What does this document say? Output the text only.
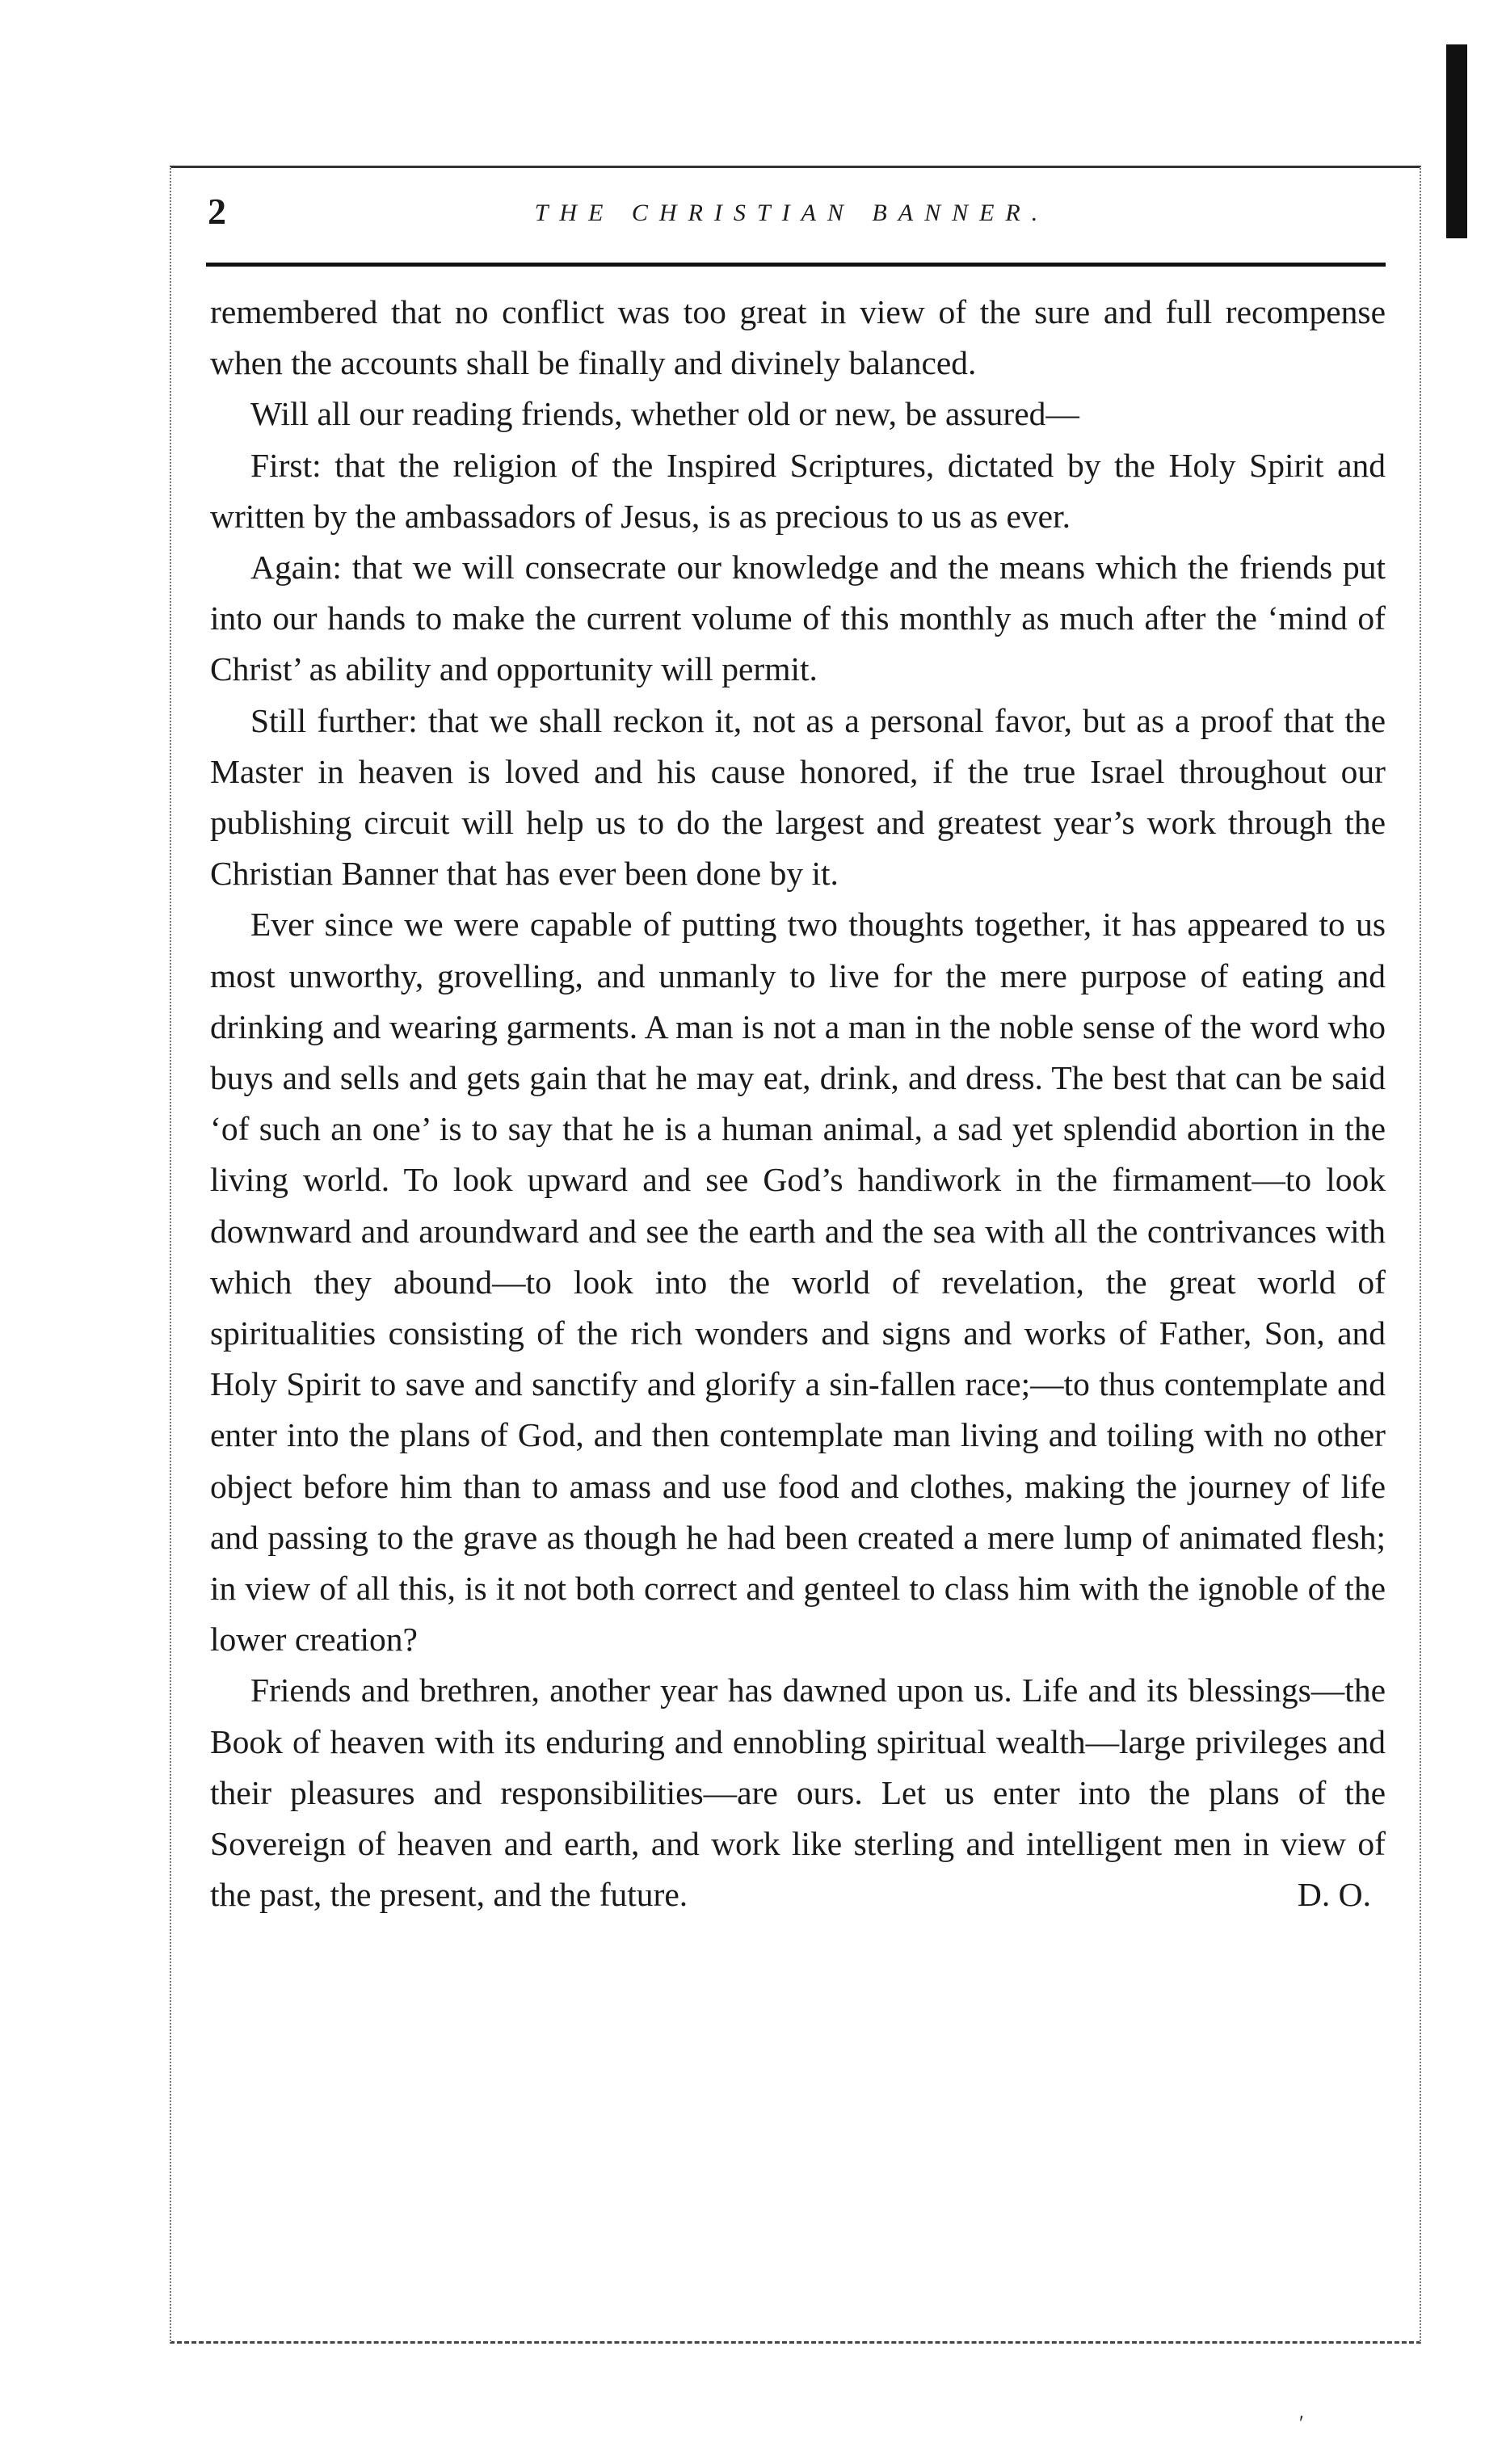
2	THE CHRISTIAN BANNER.

remembered that no conflict was too great in view of the sure and full recompense when the accounts shall be finally and divinely balanced.

Will all our reading friends, whether old or new, be assured—

First: that the religion of the Inspired Scriptures, dictated by the Holy Spirit and written by the ambassadors of Jesus, is as precious to us as ever.

Again: that we will consecrate our knowledge and the means which the friends put into our hands to make the current volume of this monthly as much after the ‘mind of Christ’ as ability and opportunity will permit.

Still further: that we shall reckon it, not as a personal favor, but as a proof that the Master in heaven is loved and his cause honored, if the true Israel throughout our publishing circuit will help us to do the largest and greatest year’s work through the Christian Banner that has ever been done by it.

Ever since we were capable of putting two thoughts together, it has appeared to us most unworthy, grovelling, and unmanly to live for the mere purpose of eating and drinking and wearing garments. A man is not a man in the noble sense of the word who buys and sells and gets gain that he may eat, drink, and dress. The best that can be said ‘of such an one’ is to say that he is a human animal, a sad yet splendid abortion in the living world. To look upward and see God’s handiwork in the firmament—to look downward and aroundward and see the earth and the sea with all the contrivances with which they abound—to look into the world of revelation, the great world of spiritualities consisting of the rich wonders and signs and works of Father, Son, and Holy Spirit to save and sanctify and glorify a sin-fallen race;—to thus contemplate and enter into the plans of God, and then contemplate man living and toiling with no other object before him than to amass and use food and clothes, making the journey of life and passing to the grave as though he had been created a mere lump of animated flesh; in view of all this, is it not both correct and genteel to class him with the ignoble of the lower creation?

Friends and brethren, another year has dawned upon us. Life and its blessings—the Book of heaven with its enduring and ennobling spiritual wealth—large privileges and their pleasures and responsibilities—are ours. Let us enter into the plans of the Sovereign of heaven and earth, and work like sterling and intelligent men in view of the past, the present, and the future.	D. O.

′
